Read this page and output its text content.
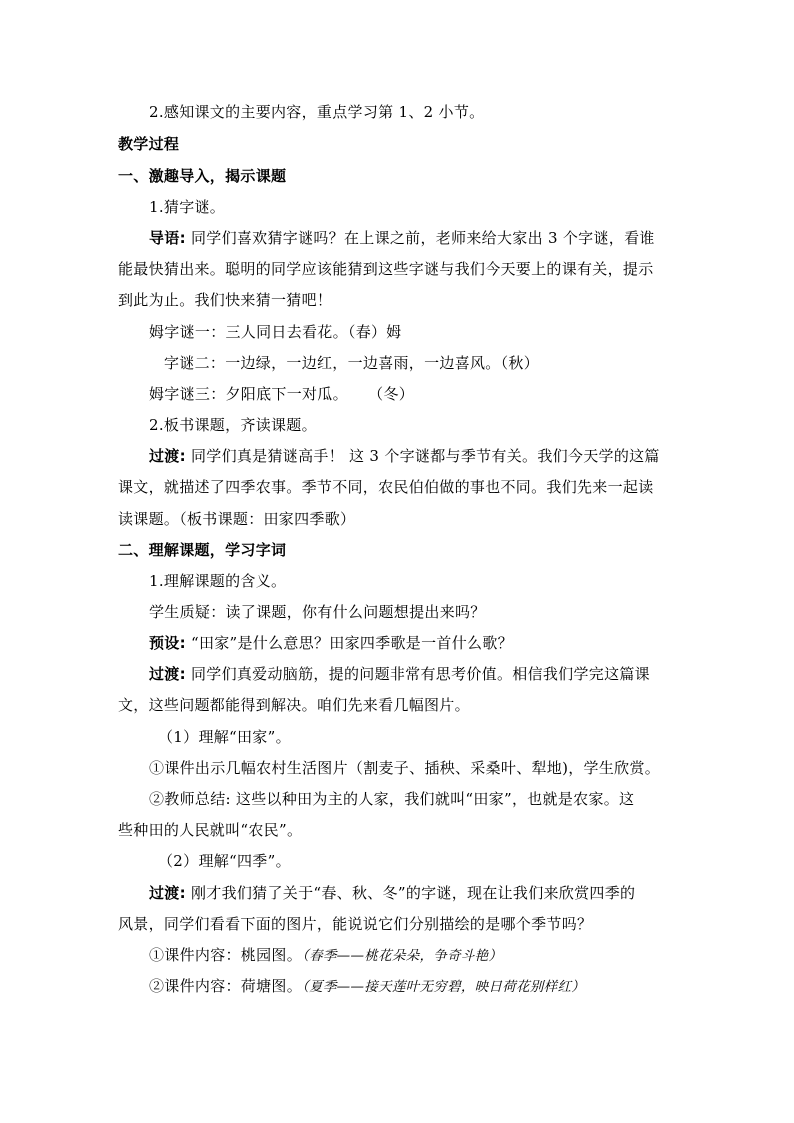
2.感知课文的主要内容，重点学习第 1、2 小节。
教学过程
一、激趣导入，揭示课题
1.猜字谜。
导语: 同学们喜欢猜字谜吗？在上课之前，老师来给大家出 3 个字谜，看谁
能最快猜出来。聪明的同学应该能猜到这些字谜与我们今天要上的课有关，提示
到此为止。我们快来猜一猜吧！
姆字谜一：三人同日去看花。（春）姆
字谜二：一边绿，一边红，一边喜雨，一边喜风。（秋）
姆字谜三：夕阳底下一对瓜。    （冬）
2.板书课题，齐读课题。
过渡: 同学们真是猜谜高手！ 这 3 个字谜都与季节有关。我们今天学的这篇
课文，就描述了四季农事。季节不同，农民伯伯做的事也不同。我们先来一起读
读课题。（板书课题：田家四季歌）
二、理解课题，学习字词
1.理解课题的含义。
学生质疑：读了课题，你有什么问题想提出来吗？
预设: “田家”是什么意思？田家四季歌是一首什么歌？
过渡: 同学们真爱动脑筋，提的问题非常有思考价值。相信我们学完这篇课
文，这些问题都能得到解决。咱们先来看几幅图片。
（1）理解“田家”。
①课件出示几幅农村生活图片（割麦子、插秧、采桑叶、犁地)，学生欣赏。
②教师总结: 这些以种田为主的人家，我们就叫“田家”，也就是农家。这
些种田的人民就叫“农民”。
（2）理解“四季”。
过渡: 刚才我们猜了关于“春、秋、冬”的字谜，现在让我们来欣赏四季的
风景，同学们看看下面的图片，能说说它们分别描绘的是哪个季节吗？
①课件内容：桃园图。（春季——桃花朵朵，争奇斗艳）
②课件内容：荷塘图。（夏季——接天莲叶无穷碧，映日荷花别样红）
